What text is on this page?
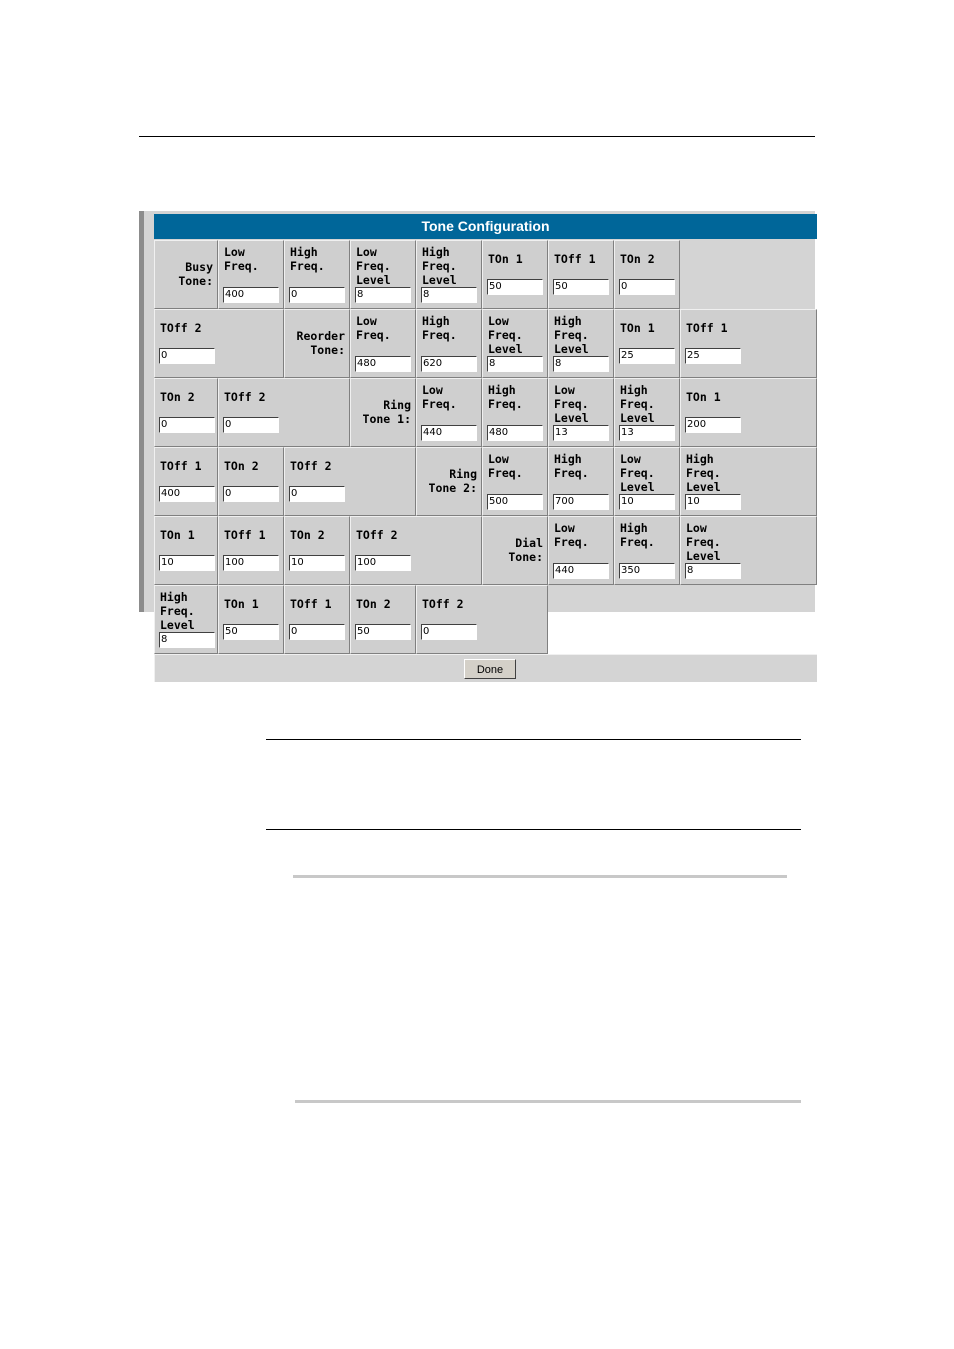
Tone Configuration
Busy
Tone:
Low
Freq.
400
High
Freq.
0
Low
Freq.
Level
8
High
Freq.
Level
8
TOn 1
50
TOff 1
50
TOn 2
0
TOff 2
0
Reorder
Tone:
Low
Freq.
480
High
Freq.
620
Low
Freq.
Level
8
High
Freq.
Level
8
TOn 1
25
TOff 1
25
TOn 2
0
TOff 2
0
Ring
Tone 1:
Low
Freq.
440
High
Freq.
480
Low
Freq.
Level
13
High
Freq.
Level
13
TOn 1
200
TOff 1
400
TOn 2
0
TOff 2
0
Ring
Tone 2:
Low
Freq.
500
High
Freq.
700
Low
Freq.
Level
10
High
Freq.
Level
10
TOn 1
10
TOff 1
100
TOn 2
10
TOff 2
100
Dial
Tone:
Low
Freq.
440
High
Freq.
350
Low
Freq.
Level
8
High
Freq.
Level
8
TOn 1
50
TOff 1
0
TOn 2
50
TOff 2
0
Done
